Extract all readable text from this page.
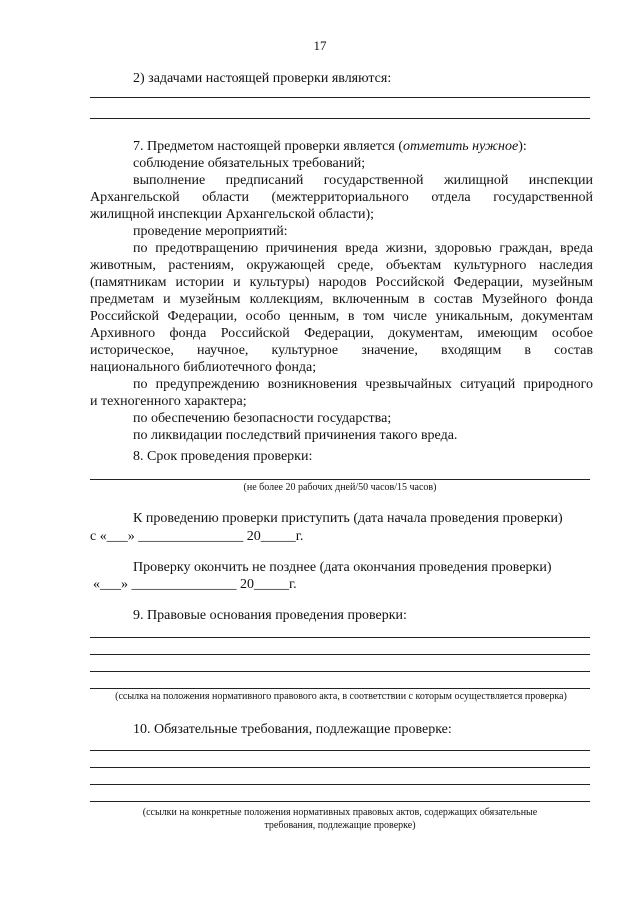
17
2) задачами настоящей проверки являются:
7. Предметом настоящей проверки является (отметить нужное):
соблюдение обязательных требований;
выполнение предписаний государственной жилищной инспекции
Архангельской области (межтерриториального отдела государственной
жилищной инспекции Архангельской области);
проведение мероприятий:
по предотвращению причинения вреда жизни, здоровью граждан, вреда
животным, растениям, окружающей среде, объектам культурного наследия
(памятникам истории и культуры) народов Российской Федерации, музейным
предметам и музейным коллекциям, включенным в состав Музейного фонда
Российской Федерации, особо ценным, в том числе уникальным, документам
Архивного фонда Российской Федерации, документам, имеющим особое
историческое, научное, культурное значение, входящим в состав
национального библиотечного фонда;
по предупреждению возникновения чрезвычайных ситуаций природного
и техногенного характера;
по обеспечению безопасности государства;
по ликвидации последствий причинения такого вреда.
8. Срок проведения проверки:
(не более 20 рабочих дней/50 часов/15 часов)
К проведению проверки приступить (дата начала проведения проверки)
с «___» _______________ 20_____г.
Проверку окончить не позднее (дата окончания проведения проверки)
«___» _______________ 20_____г.
9. Правовые основания проведения проверки:
(ссылка на положения нормативного правового акта, в соответствии с которым осуществляется проверка)
10. Обязательные требования, подлежащие проверке:
(ссылки на конкретные положения нормативных правовых актов, содержащих обязательные
требования, подлежащие проверке)
